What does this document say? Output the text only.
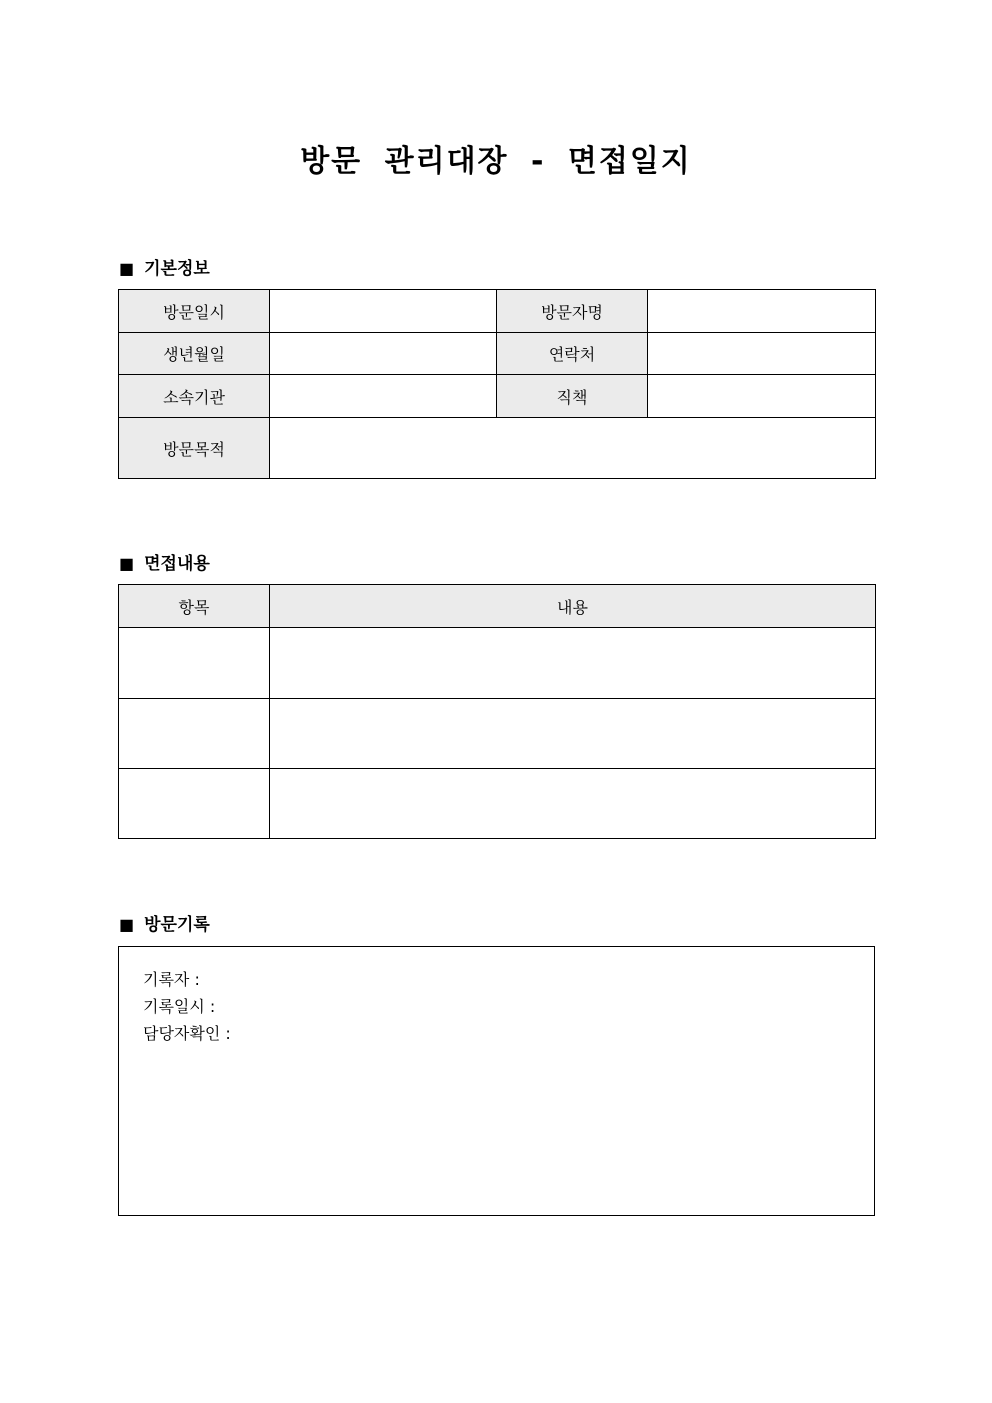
방문 관리대장 - 면접일지
■ 기본정보
방문일시		방문자명	
생년월일		연락처	
소속기관		직책	
방문목적			
■ 면접내용
항목	내용

■ 방문기록
기록자 :
기록일시 :
담당자확인 :
